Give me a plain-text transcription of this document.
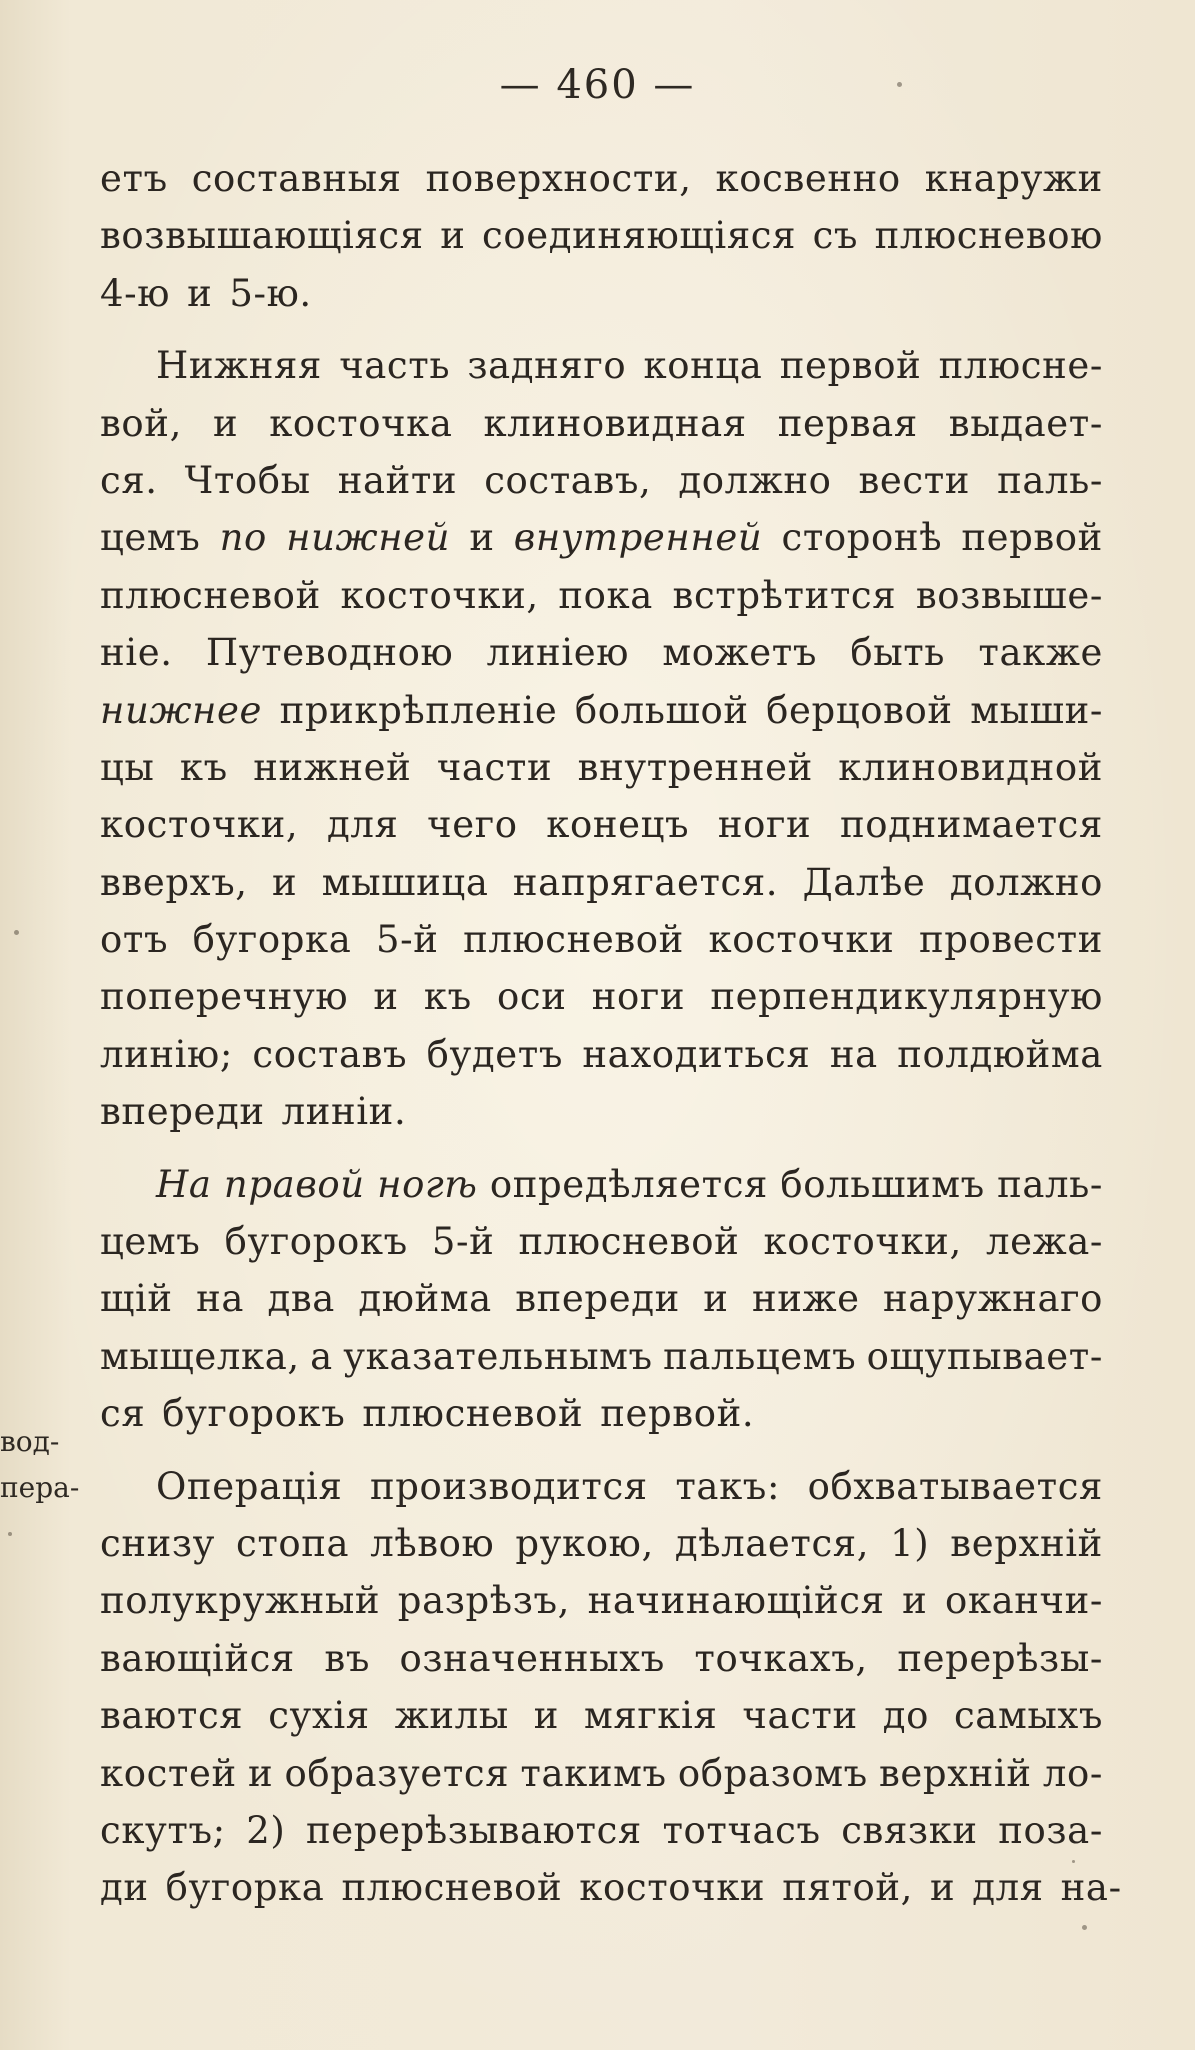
— 460 —
етъ составныя поверхности, косвенно кнаружи
возвышающiяся и соединяющiяся съ плюсневою
4-ю и 5-ю.
Нижняя часть задняго конца первой плюсне-
вой, и косточка клиновидная первая выдает-
ся. Чтобы найти составъ, должно вести паль-
цемъ по нижней и внутренней сторонѣ первой
плюсневой косточки, пока встрѣтится возвыше-
нiе. Путеводною линiею можетъ быть также
нижнее прикрѣпленiе большой берцовой мыши-
цы къ нижней части внутренней клиновидной
косточки, для чего конецъ ноги поднимается
вверхъ, и мышица напрягается. Далѣе должно
отъ бугорка 5-й плюсневой косточки провести
поперечную и къ оси ноги перпендикулярную
линiю; составъ будетъ находиться на полдюйма
впереди линiи.
На правой ногѣ опредѣляется большимъ паль-
цемъ бугорокъ 5-й плюсневой косточки, лежа-
щiй на два дюйма впереди и ниже наружнаго
мыщелка, а указательнымъ пальцемъ ощупывает-
ся бугорокъ плюсневой первой.
Операцiя производится такъ: обхватывается
снизу стопа лѣвою рукою, дѣлается, 1) верхнiй
полукружный разрѣзъ, начинающiйся и оканчи-
вающiйся въ означенныхъ точкахъ, перерѣзы-
ваются сухiя жилы и мягкiя части до самыхъ
костей и образуется такимъ образомъ верхнiй ло-
скутъ; 2) перерѣзываются тотчасъ связки поза-
ди бугорка плюсневой косточки пятой, и для на-
вод-
пера-
